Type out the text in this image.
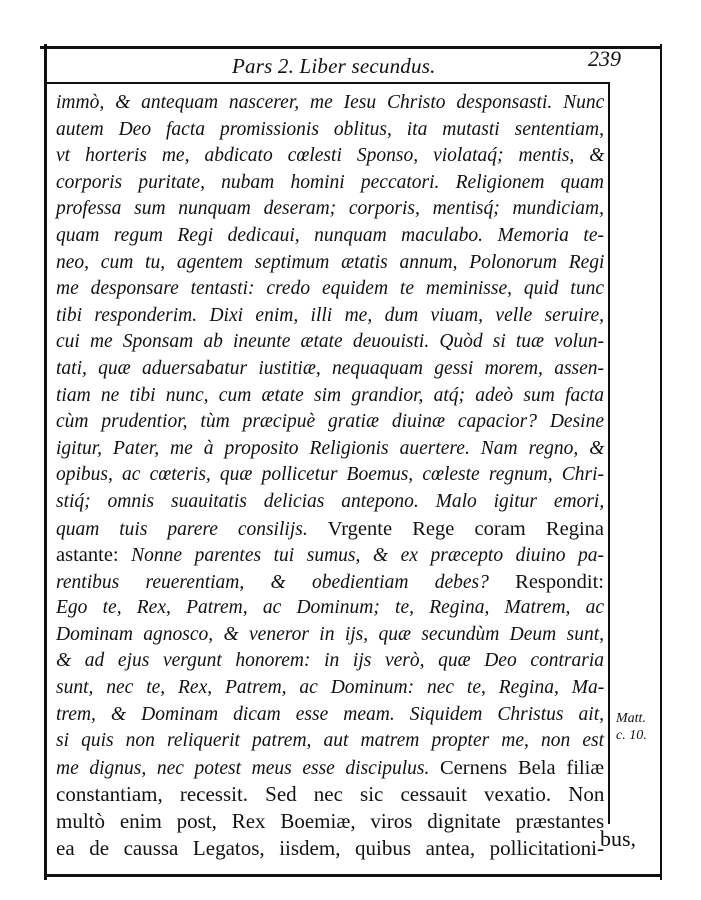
Pars 2. Liber secundus.	239
immò, & antequam nascerer, me Iesu Christo desponsasti. Nunc
autem Deo facta promissionis oblitus, ita mutasti sententiam,
vt horteris me, abdicato cœlesti Sponso, violataq́; mentis, &
corporis puritate, nubam homini peccatori. Religionem quam
professa sum nunquam deseram; corporis, mentisq́; mundiciam,
quam regum Regi dedicaui, nunquam maculabo. Memoria te-
neo, cum tu, agentem septimum ætatis annum, Polonorum Regi
me desponsare tentasti: credo equidem te meminisse, quid tunc
tibi responderim. Dixi enim, illi me, dum viuam, velle seruire,
cui me Sponsam ab ineunte ætate deuouisti. Quòd si tuæ volun-
tati, quæ aduersabatur iustitiæ, nequaquam gessi morem, assen-
tiam ne tibi nunc, cum ætate sim grandior, atq́; adeò sum facta
cùm prudentior, tùm præcipuè gratiæ diuinæ capacior? Desine
igitur, Pater, me à proposito Religionis auertere. Nam regno, &
opibus, ac cœteris, quæ pollicetur Boemus, cœleste regnum, Chri-
stiq́; omnis suauitatis delicias antepono. Malo igitur emori,
quam tuis parere consilijs. Vrgente Rege coram Regina
astante: Nonne parentes tui sumus, & ex præcepto diuino pa-
rentibus reuerentiam, & obedientiam debes? Respondit:
Ego te, Rex, Patrem, ac Dominum; te, Regina, Matrem, ac
Dominam agnosco, & veneror in ijs, quæ secundùm Deum sunt,
& ad ejus vergunt honorem: in ijs verò, quæ Deo contraria
sunt, nec te, Rex, Patrem, ac Dominum: nec te, Regina, Ma-
trem, & Dominam dicam esse meam. Siquidem Christus ait,
si quis non reliquerit patrem, aut matrem propter me, non est
me dignus, nec potest meus esse discipulus. Cernens Bela filiæ
constantiam, recessit. Sed nec sic cessauit vexatio. Non
multò enim post, Rex Boemiæ, viros dignitate præstantes
ea de caussa Legatos, iisdem, quibus antea, pollicitationi-
Matt.
c. 10.
bus,
